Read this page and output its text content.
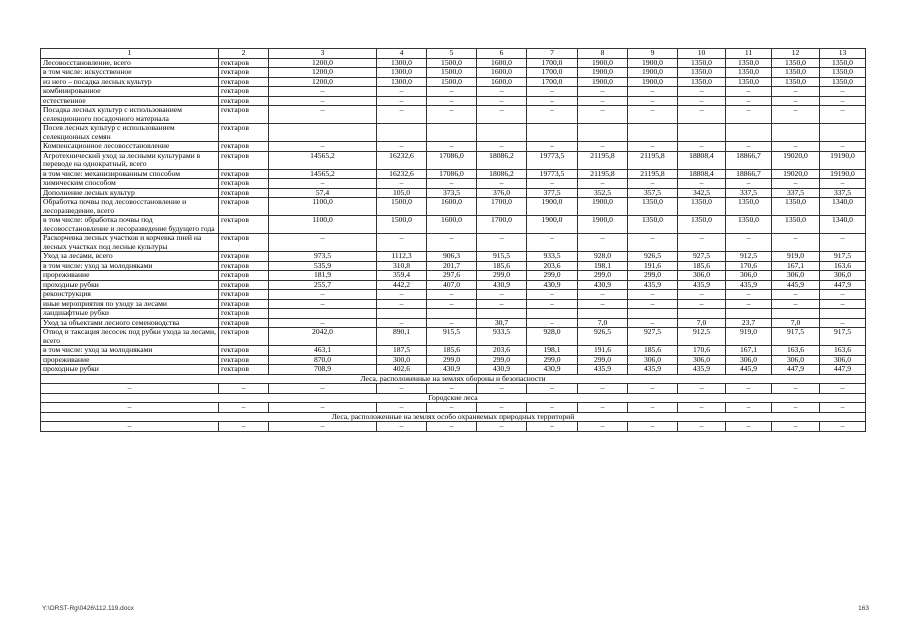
1	2	3	4	5	6	7	8	9	10	11	12	13
Лесовосстановление, всего	гектаров	1200,0	1300,0	1500,0	1600,0	1700,0	1900,0	1900,0	1350,0	1350,0	1350,0	1350,0
в том числе: искусственное	гектаров	1200,0	1300,0	1500,0	1600,0	1700,0	1900,0	1900,0	1350,0	1350,0	1350,0	1350,0
из него – посадка лесных культур	гектаров	1200,0	1300,0	1500,0	1600,0	1700,0	1900,0	1900,0	1350,0	1350,0	1350,0	1350,0
комбинированное	гектаров	–	–	–	–	–	–	–	–	–	–	–
естественное	гектаров	–	–	–	–	–	–	–	–	–	–	–
Посадка лесных культур с использованием селекционного посадочного материала	гектаров	–	–	–	–	–	–	–	–	–	–	–
Посев лесных культур с использованием селекционных семян	гектаров											
Компенсационное лесовосстановление	гектаров	–	–	–	–	–	–	–	–	–	–	–
Агротехнический уход за лесными культурами в переводе на однократный, всего	гектаров	14565,2	16232,6	17086,0	18086,2	19773,5	21195,8	21195,8	18808,4	18866,7	19020,0	19190,0
в том числе: механизированным способом	гектаров	14565,2	16232,6	17086,0	18086,2	19773,5	21195,8	21195,8	18808,4	18866,7	19020,0	19190,0
химическим способом	гектаров	–	–	–	–	–	–	–	–	–	–	–
Дополнение лесных культур	гектаров	57,4	105,0	373,5	376,0	377,5	352,5	357,5	342,5	337,5	337,5	337,5
Обработка почвы под лесовосстановление и лесоразведение, всего	гектаров	1100,0	1500,0	1600,0	1700,0	1900,0	1900,0	1350,0	1350,0	1350,0	1350,0	1340,0
в том числе: обработка почвы под лесовосстановление и лесоразведение будущего года	гектаров	1100,0	1500,0	1600,0	1700,0	1900,0	1900,0	1350,0	1350,0	1350,0	1350,0	1340,0
Раскорчевка лесных участков и корчевка пней на лесных участках под лесные культуры	гектаров	–	–	–	–	–	–	–	–	–	–	–
Уход за лесами, всего	гектаров	973,5	1112,3	906,3	915,5	933,5	928,0	926,5	927,5	912,5	919,0	917,5
в том числе: уход за молодняками	гектаров	535,9	310,8	201,7	185,6	203,6	198,1	191,6	185,6	170,6	167,1	163,6
прореживание	гектаров	181,9	359,4	297,6	299,0	299,0	299,0	299,0	306,0	306,0	306,0	306,0
проходные рубки	гектаров	255,7	442,2	407,0	430,9	430,9	430,9	435,9	435,9	435,9	445,9	447,9
реконструкция	гектаров	–	–	–	–	–	–	–	–	–	–	–
иные мероприятия по уходу за лесами	гектаров	–	–	–	–	–	–	–	–	–	–	–
ландшафтные рубки	гектаров											
Уход за объектами лесного семеноводства	гектаров	–	–	–	30,7	–	7,0	–	7,0	23,7	7,0	–
Отвод и таксация лесосек под рубки ухода за лесами, всего	гектаров	2042,0	890,1	915,5	933,5	928,0	926,5	927,5	912,5	919,0	917,5	917,5
в том числе: уход за молодняками	гектаров	463,1	187,5	185,6	203,6	198,1	191,6	185,6	170,6	167,1	163,6	163,6
прореживание	гектаров	870,0	300,0	299,0	299,0	299,0	299,0	306,0	306,0	306,0	306,0	306,0
проходные рубки	гектаров	708,9	402,6	430,9	430,9	430,9	435,9	435,9	435,9	445,9	447,9	447,9
Леса, расположенные на землях обороны и безопасности												
–	–	–	–	–	–	–	–	–	–	–	–	–
Городские леса												
–	–	–	–	–	–	–	–	–	–	–	–	–
Леса, расположенные на землях особо охраняемых природных территорий												
–	–	–	–	–	–	–	–	–	–	–	–	–
Y:\ORST-Rg\0426\112.119.docx	163
